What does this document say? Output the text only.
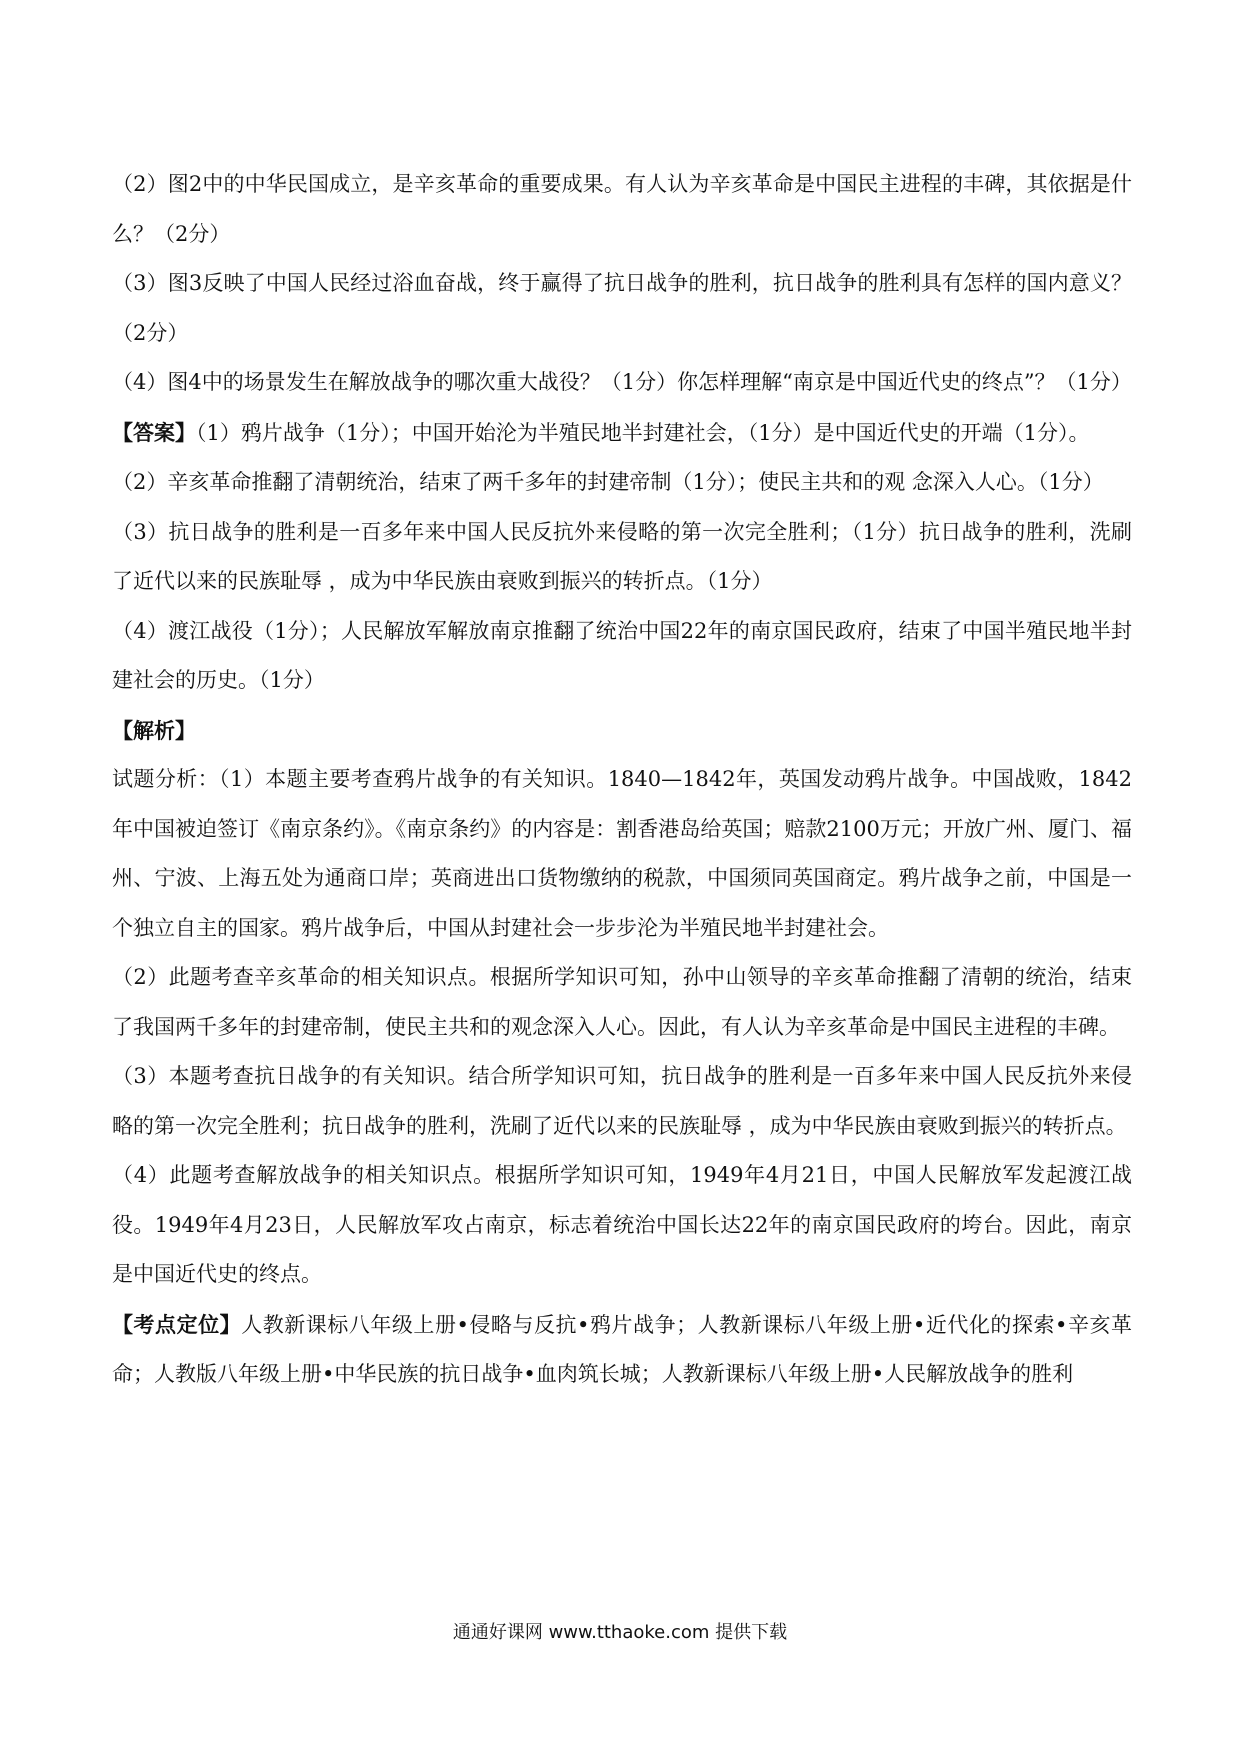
（2）图2中的中华民国成立，是辛亥革命的重要成果。有人认为辛亥革命是中国民主进程的丰碑，其依据是什么？（2分）

（3）图3反映了中国人民经过浴血奋战，终于赢得了抗日战争的胜利，抗日战争的胜利具有怎样的国内意义？（2分）

（4）图4中的场景发生在解放战争的哪次重大战役？（1分）你怎样理解“南京是中国近代史的终点”？（1分）

【答案】（1）鸦片战争（1分）；中国开始沦为半殖民地半封建社会，（1分）是中国近代史的开端（1分）。

（2）辛亥革命推翻了清朝统治，结束了两千多年的封建帝制（1分）；使民主共和的观 念深入人心。（1分）

（3）抗日战争的胜利是一百多年来中国人民反抗外来侵略的第一次完全胜利；（1分）抗日战争的胜利，洗刷了近代以来的民族耻辱 ，成为中华民族由衰败到振兴的转折点。（1分）

（4）渡江战役（1分）；人民解放军解放南京推翻了统治中国22年的南京国民政府，结束了中国半殖民地半封建社会的历史。（1分）

【解析】

试题分析：（1）本题主要考查鸦片战争的有关知识。1840—1842年，英国发动鸦片战争。中国战败，1842年中国被迫签订《南京条约》。《南京条约》的内容是：割香港岛给英国；赔款2100万元；开放广州、厦门、福州、宁波、上海五处为通商口岸；英商进出口货物缴纳的税款，中国须同英国商定。鸦片战争之前，中国是一个独立自主的国家。鸦片战争后，中国从封建社会一步步沦为半殖民地半封建社会。

（2）此题考查辛亥革命的相关知识点。根据所学知识可知，孙中山领导的辛亥革命推翻了清朝的统治，结束了我国两千多年的封建帝制，使民主共和的观念深入人心。因此，有人认为辛亥革命是中国民主进程的丰碑。

（3）本题考查抗日战争的有关知识。结合所学知识可知，抗日战争的胜利是一百多年来中国人民反抗外来侵略的第一次完全胜利；抗日战争的胜利，洗刷了近代以来的民族耻辱 ，成为中华民族由衰败到振兴的转折点。

（4）此题考查解放战争的相关知识点。根据所学知识可知，1949年4月21日，中国人民解放军发起渡江战役。1949年4月23日，人民解放军攻占南京，标志着统治中国长达22年的南京国民政府的垮台。因此，南京是中国近代史的终点。

【考点定位】人教新课标八年级上册•侵略与反抗•鸦片战争；人教新课标八年级上册•近代化的探索•辛亥革命；人教版八年级上册•中华民族的抗日战争•血肉筑长城；人教新课标八年级上册•人民解放战争的胜利

通通好课网 www.tthaoke.com 提供下载
